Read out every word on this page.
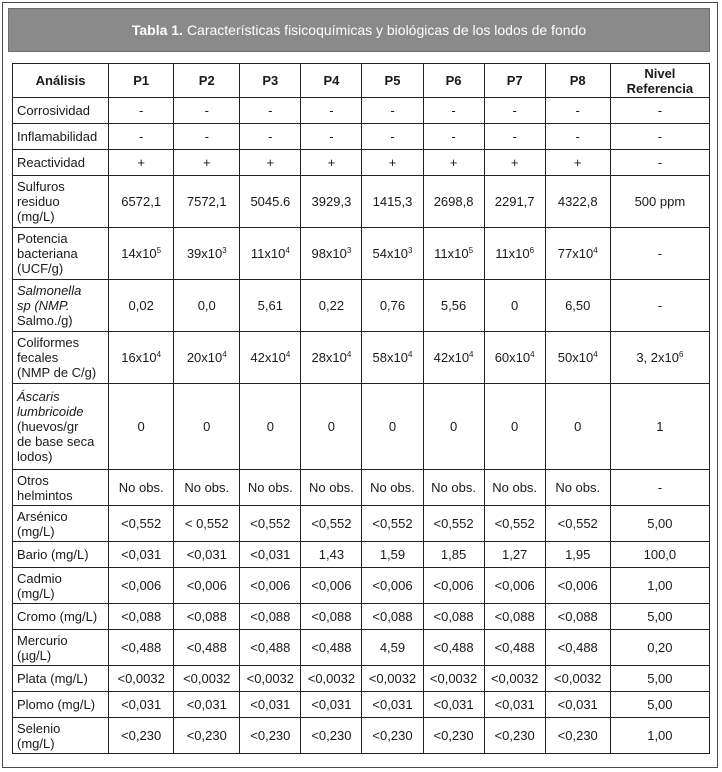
Tabla 1. Características fisicoquímicas y biológicas de los lodos de fondo
Análisis	P1	P2	P3	P4	P5	P6	P7	P8	Nivel
Referencia
Corrosividad	-	-	-	-	-	-	-	-	-
Inflamabilidad	-	-	-	-	-	-	-	-	-
Reactividad	+	+	+	+	+	+	+	+	-
Sulfuros
residuo
(mg/L)	6572,1	7572,1	5045.6	3929,3	1415,3	2698,8	2291,7	4322,8	500 ppm
Potencia
bacteriana
(UCF/g)	$14x10^5$	$39x10^3$	$11x10^4$	$98x10^3$	$54x10^3$	$11x10^5$	$11x10^6$	$77x10^4$	-
Salmonella
sp (NMP.
Salmo./g)	0,02	0,0	5,61	0,22	0,76	5,56	0	6,50	-
Coliformes
fecales
(NMP de C/g)	$16x10^4$	$20x10^4$	$42x10^4$	$28x10^4$	$58x10^4$	$42x10^4$	$60x10^4$	$50x10^4$	3, $2x10^6$
Áscaris
lumbricoide
(huevos/gr
de base seca
lodos)	0	0	0	0	0	0	0	0	1
Otros
helmintos	No obs.	No obs.	No obs.	No obs.	No obs.	No obs.	No obs.	No obs.	-
Arsénico
(mg/L)	<0,552	< 0,552	<0,552	<0,552	<0,552	<0,552	<0,552	<0,552	5,00
Bario (mg/L)	<0,031	<0,031	<0,031	1,43	1,59	1,85	1,27	1,95	100,0
Cadmio
(mg/L)	<0,006	<0,006	<0,006	<0,006	<0,006	<0,006	<0,006	<0,006	1,00
Cromo (mg/L)	<0,088	<0,088	<0,088	<0,088	<0,088	<0,088	<0,088	<0,088	5,00
Mercurio
(µg/L)	<0,488	<0,488	<0,488	<0,488	4,59	<0,488	<0,488	<0,488	0,20
Plata (mg/L)	<0,0032	<0,0032	<0,0032	<0,0032	<0,0032	<0,0032	<0,0032	<0,0032	5,00
Plomo (mg/L)	<0,031	<0,031	<0,031	<0,031	<0,031	<0,031	<0,031	<0,031	5,00
Selenio
(mg/L)	<0,230	<0,230	<0,230	<0,230	<0,230	<0,230	<0,230	<0,230	1,00
